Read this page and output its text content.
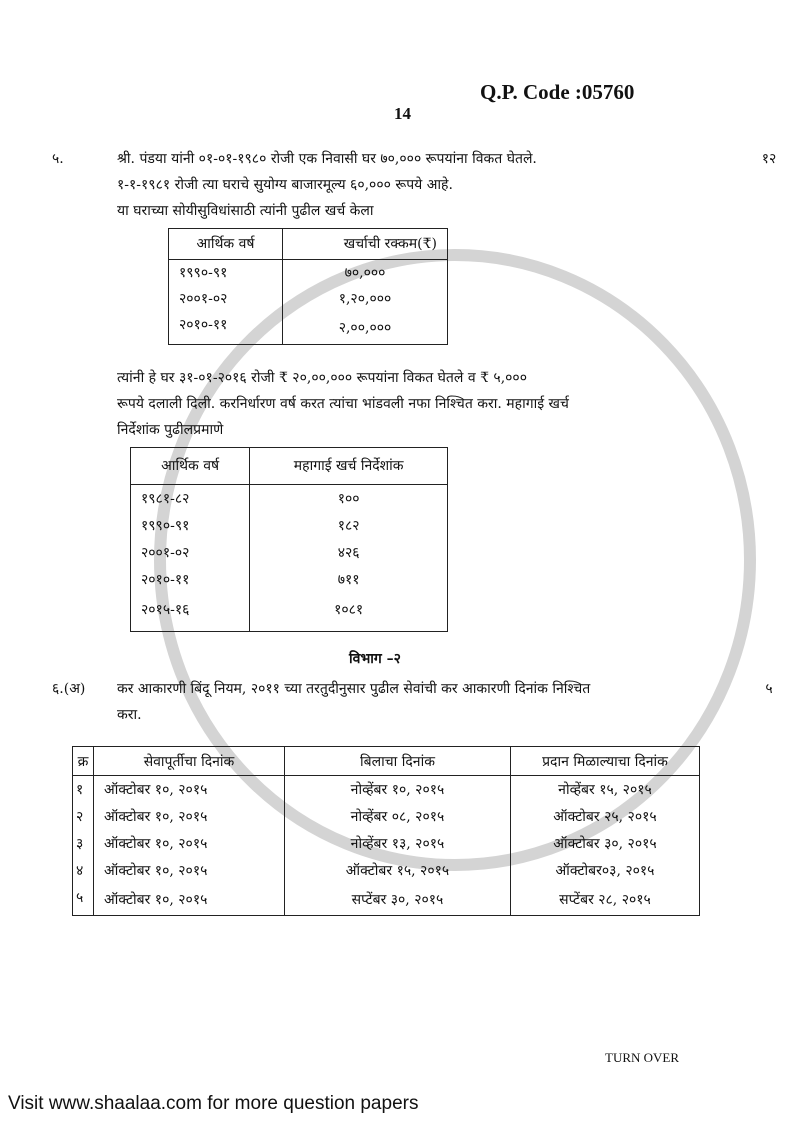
Q.P. Code :05760
14
५.	श्री. पंडया यांनी ०१-०१-१९८० रोजी एक निवासी घर ७०,००० रूपयांना विकत घेतले.

१-१-१९८१ रोजी त्या घराचे सुयोग्य बाजारमूल्य ६०,००० रूपये आहे.

या घराच्या सोयीसुविधांसाठी त्यांनी पुढील खर्च केला

आर्थिक वर्ष	खर्चाची रक्कम(₹)
१९९०-९१	७०,०००
२००१-०२	१,२०,०००
२०१०-११	२,००,०००

त्यांनी हे घर ३१-०१-२०१६ रोजी ₹ २०,००,००० रूपयांना विकत घेतले व ₹ ५,०००

रूपये दलाली दिली. करनिर्धारण वर्ष करत त्यांचा भांडवली नफा निश्चित करा. महागाई खर्च

निर्देशांक पुढीलप्रमाणे

आर्थिक वर्ष	महागाई खर्च निर्देशांक
१९८१-८२	१००
१९९०-९१	१८२
२००१-०२	४२६
२०१०-११	७११
२०१५-१६	१०८१
१२
विभाग –२
६.(अ)	कर आकारणी बिंदू नियम, २०११ च्या तरतुदीनुसार पुढील सेवांची कर आकारणी दिनांक निश्चित

करा.

५
क्र	सेवापूर्तीचा दिनांक	बिलाचा दिनांक	प्रदान मिळाल्याचा दिनांक
१	ऑक्टोबर १०, २०१५	नोव्हेंबर १०, २०१५	नोव्हेंबर १५, २०१५
२	ऑक्टोबर १०, २०१५	नोव्हेंबर ०८, २०१५	ऑक्टोबर २५, २०१५
३	ऑक्टोबर १०, २०१५	नोव्हेंबर १३, २०१५	ऑक्टोबर ३०, २०१५
४	ऑक्टोबर १०, २०१५	ऑक्टोबर १५, २०१५	ऑक्टोबर०३, २०१५
५	ऑक्टोबर १०, २०१५	सप्टेंबर ३०, २०१५	सप्टेंबर २८, २०१५
TURN OVER
Visit www.shaalaa.com for more question papers
